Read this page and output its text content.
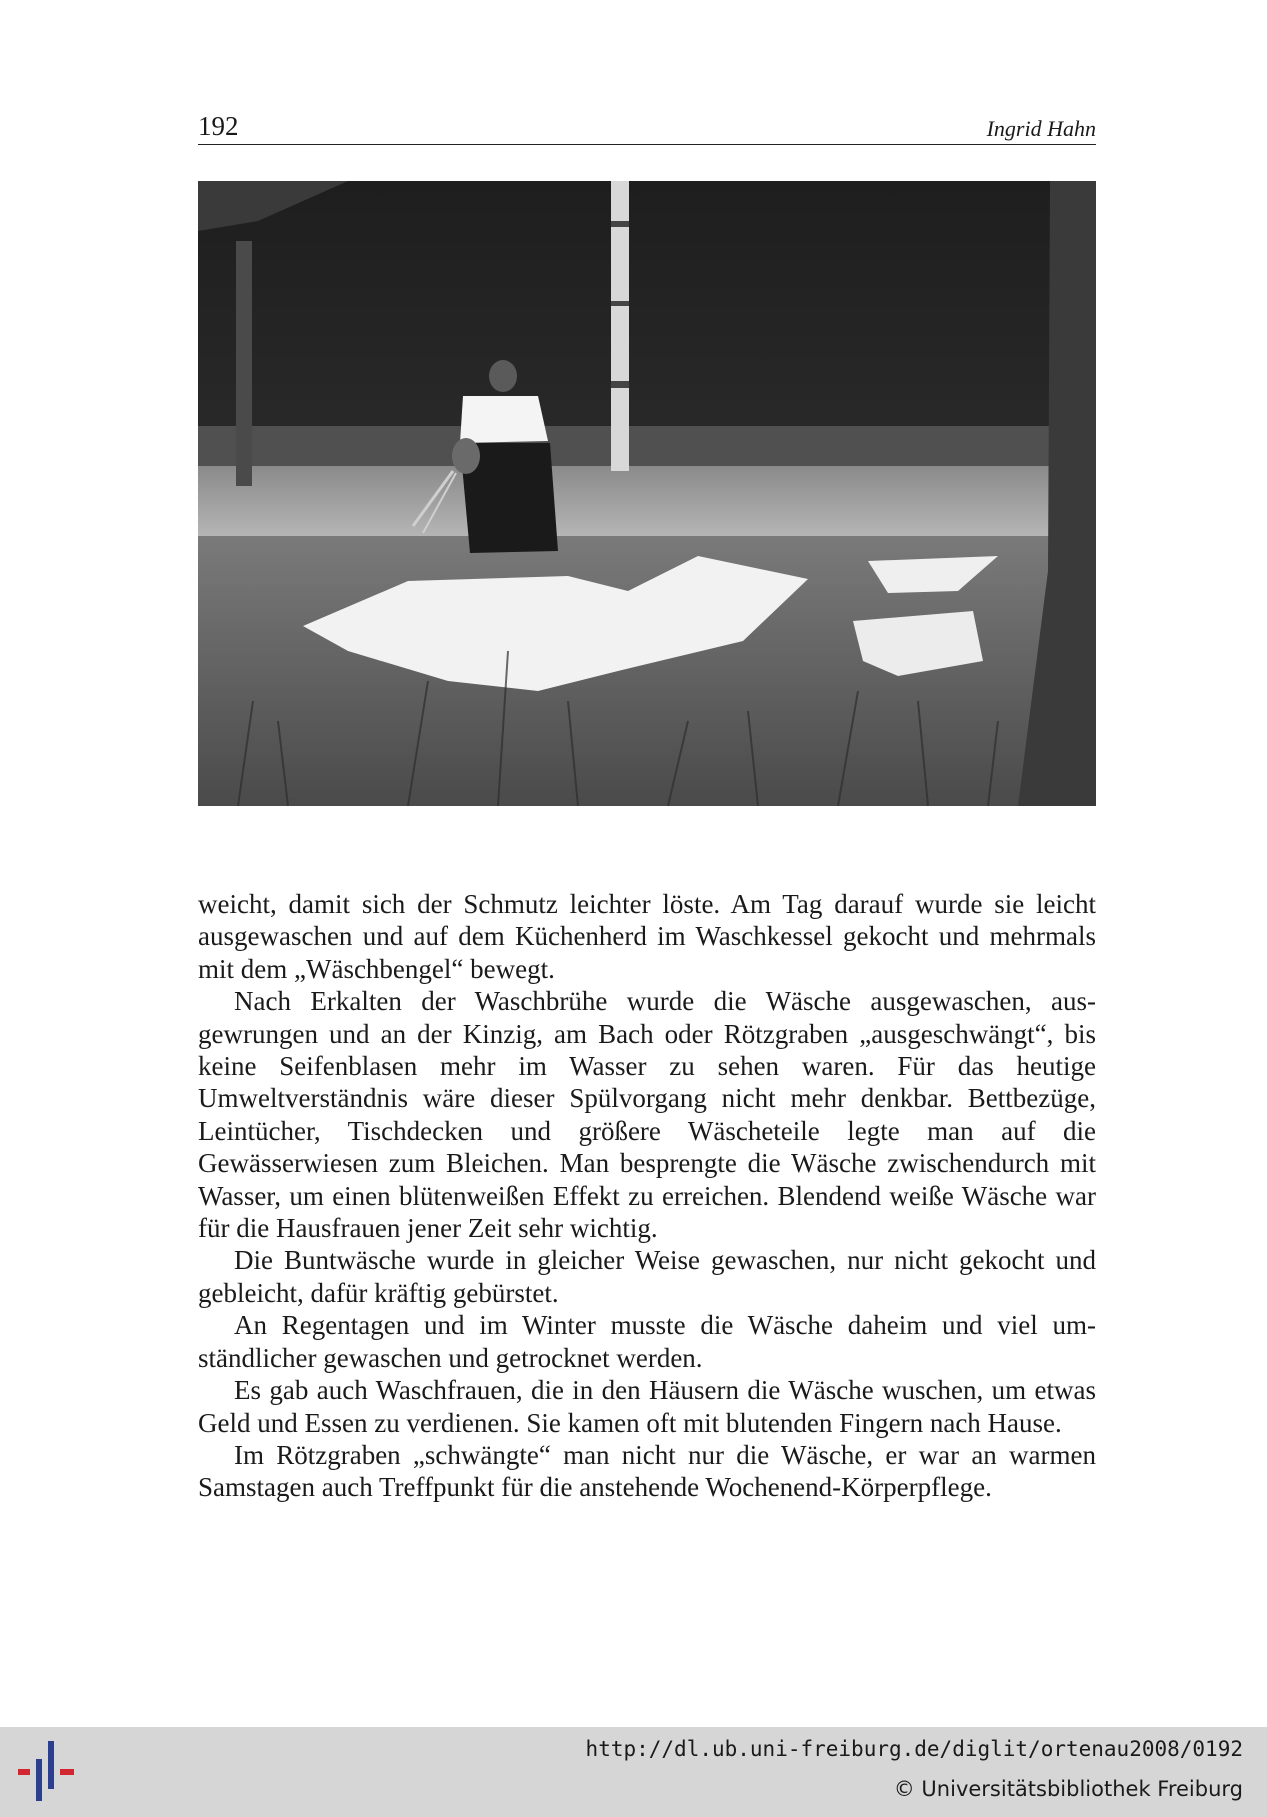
192	Ingrid Hahn

weicht, damit sich der Schmutz leichter löste. Am Tag darauf wurde sie leicht ausgewaschen und auf dem Küchenherd im Waschkessel gekocht und mehrmals mit dem „Wäschbengel“ bewegt.

Nach Erkalten der Waschbrühe wurde die Wäsche ausgewaschen, ausgewrungen und an der Kinzig, am Bach oder Rötzgraben „ausgeschwängt“, bis keine Seifenblasen mehr im Wasser zu sehen waren. Für das heutige Umweltverständnis wäre dieser Spülvorgang nicht mehr denkbar. Bettbezüge, Leintücher, Tischdecken und größere Wäscheteile legte man auf die Gewässerwiesen zum Bleichen. Man besprengte die Wäsche zwischendurch mit Wasser, um einen blütenweißen Effekt zu erreichen. Blendend weiße Wäsche war für die Hausfrauen jener Zeit sehr wichtig.

Die Buntwäsche wurde in gleicher Weise gewaschen, nur nicht gekocht und gebleicht, dafür kräftig gebürstet.

An Regentagen und im Winter musste die Wäsche daheim und viel umständlicher gewaschen und getrocknet werden.

Es gab auch Waschfrauen, die in den Häusern die Wäsche wuschen, um etwas Geld und Essen zu verdienen. Sie kamen oft mit blutenden Fingern nach Hause.

Im Rötzgraben „schwängte“ man nicht nur die Wäsche, er war an warmen Samstagen auch Treffpunkt für die anstehende Wochenend-Körperpflege.

http://dl.ub.uni-freiburg.de/diglit/ortenau2008/0192
© Universitätsbibliothek Freiburg
